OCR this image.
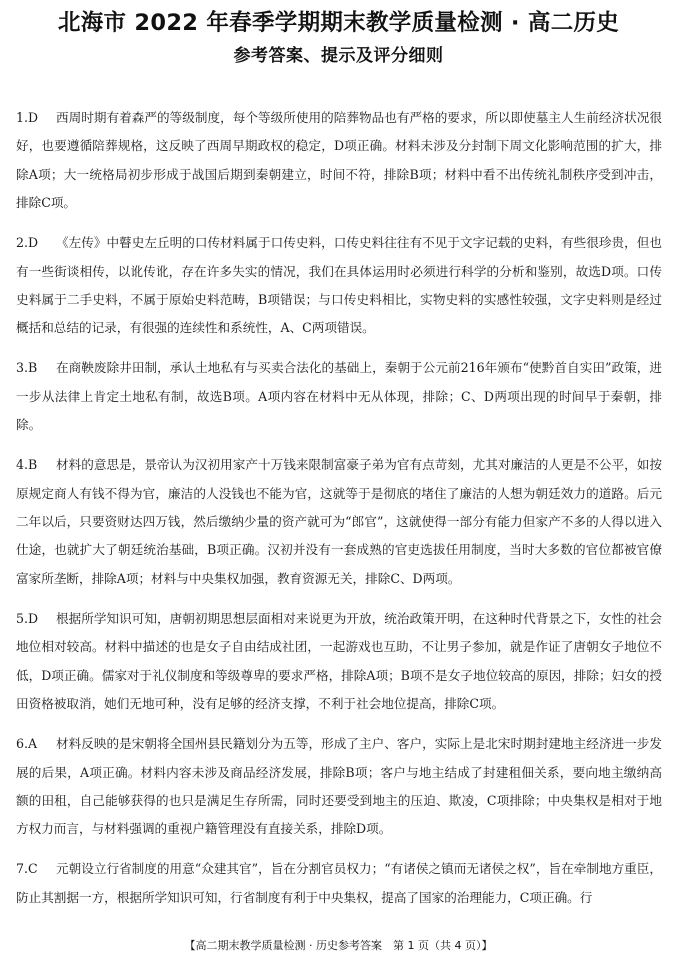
北海市 2022 年春季学期期末教学质量检测 · 高二历史
参考答案、提示及评分细则
1.D	西周时期有着森严的等级制度，每个等级所使用的陪葬物品也有严格的要求，所以即使墓主人生前经济状况很好，也要遵循陪葬规格，这反映了西周早期政权的稳定，D项正确。材料未涉及分封制下周文化影响范围的扩大，排除A项；大一统格局初步形成于战国后期到秦朝建立，时间不符，排除B项；材料中看不出传统礼制秩序受到冲击，排除C项。

2.D	《左传》中瞽史左丘明的口传材料属于口传史料，口传史料往往有不见于文字记载的史料，有些很珍贵，但也有一些街谈相传，以讹传讹，存在许多失实的情况，我们在具体运用时必须进行科学的分析和鉴别，故选D项。口传史料属于二手史料，不属于原始史料范畴，B项错误；与口传史料相比，实物史料的实感性较强，文字史料则是经过概括和总结的记录，有很强的连续性和系统性，A、C两项错误。

3.B	在商鞅废除井田制，承认土地私有与买卖合法化的基础上，秦朝于公元前216年颁布“使黔首自实田”政策，进一步从法律上肯定土地私有制，故选B项。A项内容在材料中无从体现，排除；C、D两项出现的时间早于秦朝，排除。

4.B	材料的意思是，景帝认为汉初用家产十万钱来限制富豪子弟为官有点苛刻，尤其对廉洁的人更是不公平，如按原规定商人有钱不得为官，廉洁的人没钱也不能为官，这就等于是彻底的堵住了廉洁的人想为朝廷效力的道路。后元二年以后，只要资财达四万钱，然后缴纳少量的资产就可为“郎官”，这就使得一部分有能力但家产不多的人得以进入仕途，也就扩大了朝廷统治基础，B项正确。汉初并没有一套成熟的官吏选拔任用制度，当时大多数的官位都被官僚富家所垄断，排除A项；材料与中央集权加强，教育资源无关，排除C、D两项。

5.D	根据所学知识可知，唐朝初期思想层面相对来说更为开放，统治政策开明，在这种时代背景之下，女性的社会地位相对较高。材料中描述的也是女子自由结成社团，一起游戏也互助，不让男子参加，就是作证了唐朝女子地位不低，D项正确。儒家对于礼仪制度和等级尊卑的要求严格，排除A项；B项不是女子地位较高的原因，排除；妇女的授田资格被取消，她们无地可种，没有足够的经济支撑，不利于社会地位提高，排除C项。

6.A	材料反映的是宋朝将全国州县民籍划分为五等，形成了主户、客户，实际上是北宋时期封建地主经济进一步发展的后果，A项正确。材料内容未涉及商品经济发展，排除B项；客户与地主结成了封建租佃关系，要向地主缴纳高额的田租，自己能够获得的也只是满足生存所需，同时还要受到地主的压迫、欺凌，C项排除；中央集权是相对于地方权力而言，与材料强调的重视户籍管理没有直接关系，排除D项。

7.C	元朝设立行省制度的用意“众建其官”，旨在分割官员权力；“有诸侯之镇而无诸侯之权”，旨在牵制地方重臣，防止其割据一方，根据所学知识可知，行省制度有利于中央集权，提高了国家的治理能力，C项正确。行

【高二期末教学质量检测 · 历史参考答案　第 1 页（共 4 页）】
